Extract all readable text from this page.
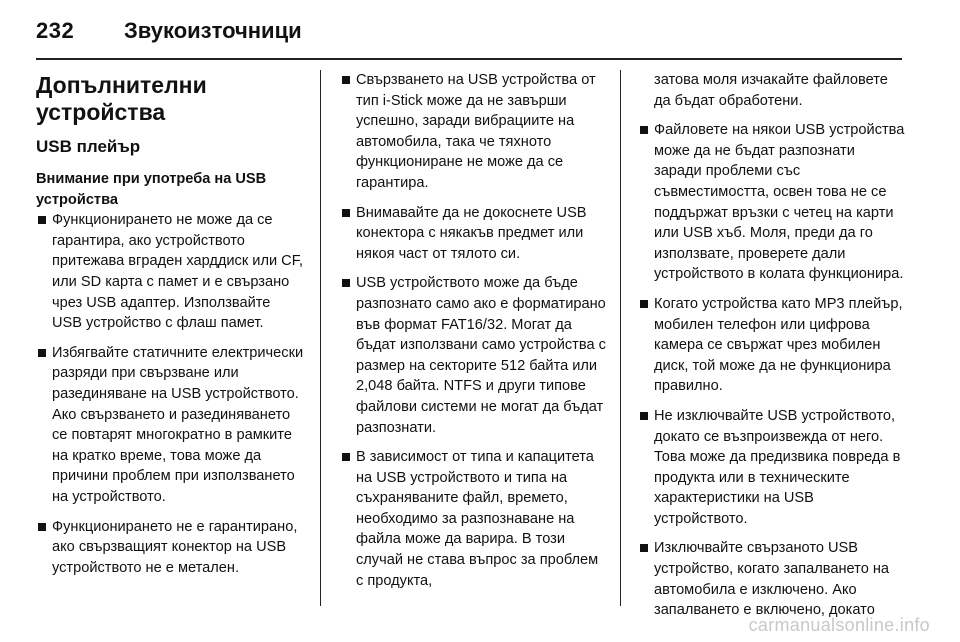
232 Звукоизточници
Допълнителни устройства
USB плейър
Внимание при употреба на USB устройства
Функционирането не може да се гарантира, ако устройството притежава вграден харддиск или CF, или SD карта с памет и е свързано чрез USB адаптер. Използвайте USB устройство с флаш памет.
Избягвайте статичните електрически разряди при свързване или разединяване на USB устройството. Ако свързването и разединяването се повтарят многократно в рамките на кратко време, това може да причини проблем при използването на устройството.
Функционирането не е гарантирано, ако свързващият конектор на USB устройството не е метален.
Свързването на USB устройства от тип i-Stick може да не завърши успешно, заради вибрациите на автомобила, така че тяхното функциониране не може да се гарантира.
Внимавайте да не докоснете USB конектора с някакъв предмет или някоя част от тялото си.
USB устройството може да бъде разпознато само ако е форматирано във формат FAT16/32. Могат да бъдат използвани само устройства с размер на секторите 512 байта или 2,048 байта. NTFS и други типове файлови системи не могат да бъдат разпознати.
В зависимост от типа и капацитета на USB устройството и типа на съхраняваните файл, времето, необходимо за разпознаване на файла може да варира. В този случай не става въпрос за проблем с продукта,
затова моля изчакайте файловете да бъдат обработени.
Файловете на някои USB устройства може да не бъдат разпознати заради проблеми със съвместимостта, освен това не се поддържат връзки с четец на карти или USB хъб. Моля, преди да го използвате, проверете дали устройството в колата функционира.
Когато устройства като MP3 плейър, мобилен телефон или цифрова камера се свържат чрез мобилен диск, той може да не функционира правилно.
Не изключвайте USB устройството, докато се възпроизвежда от него. Това може да предизвика повреда в продукта или в техническите характеристики на USB устройството.
Изключвайте свързаното USB устройство, когато запалването на автомобила е изключено. Ако запалването е включено, докато
carmanualsonline.info
